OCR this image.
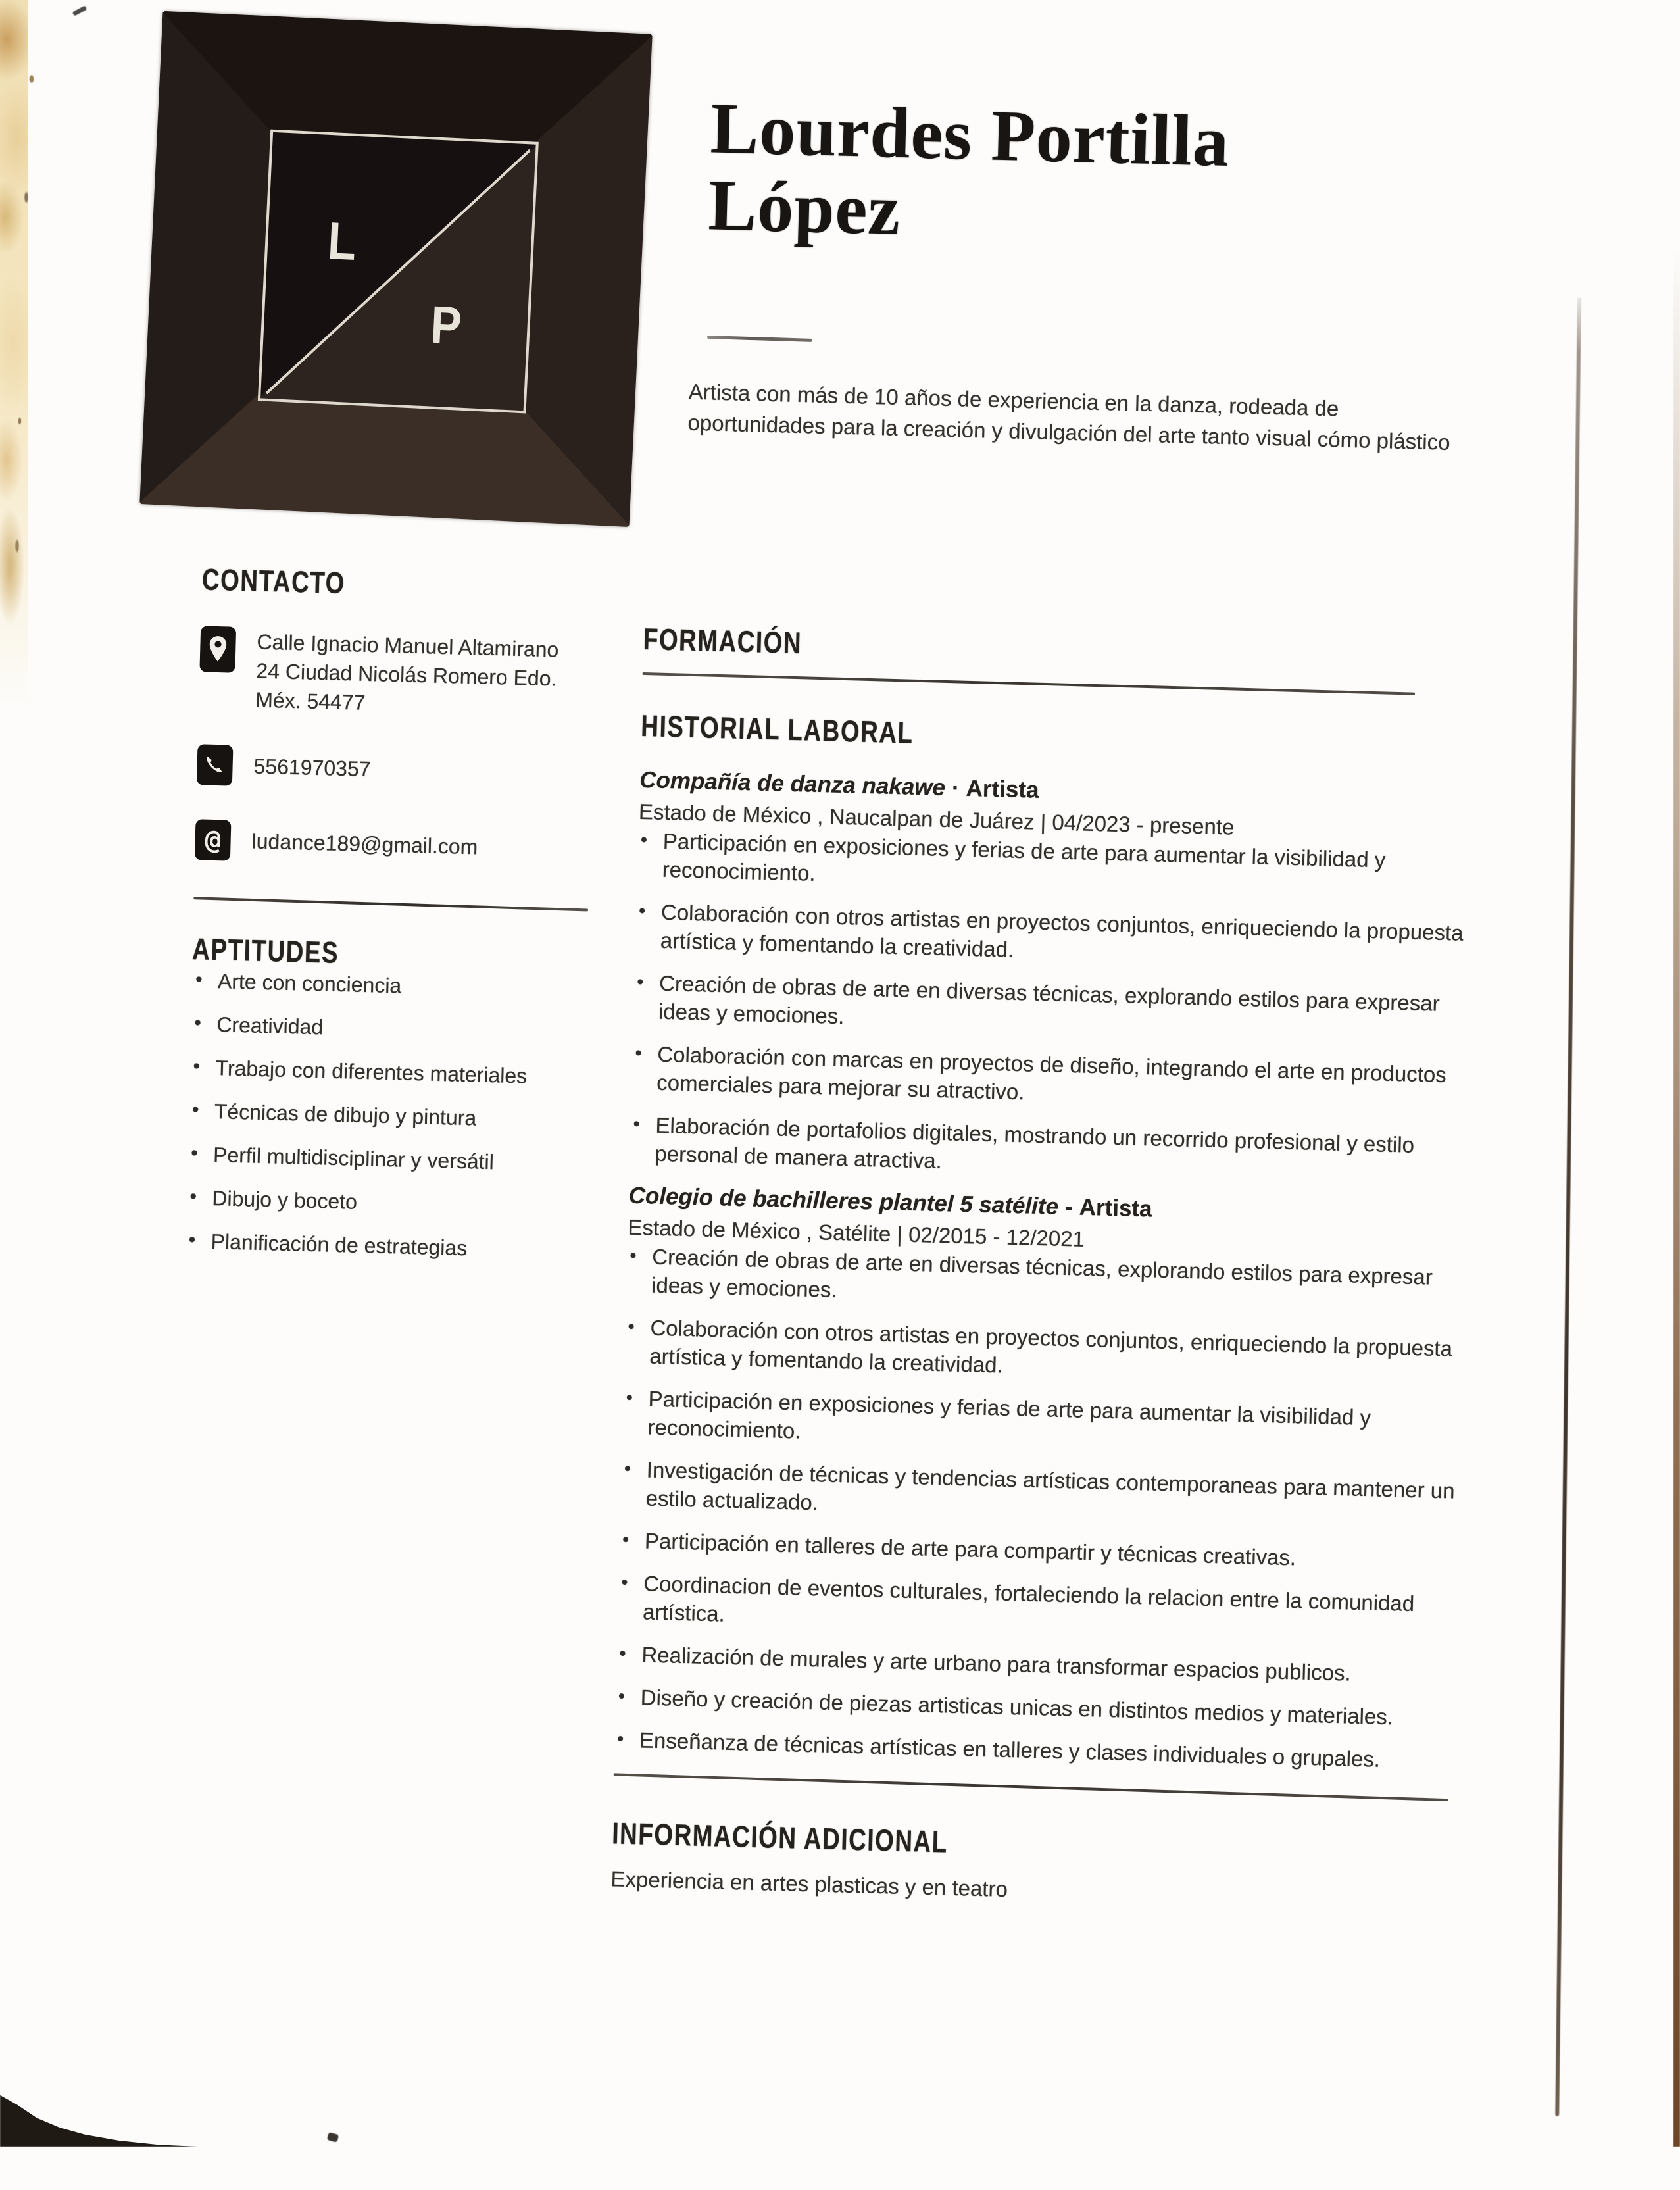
L
P
Lourdes Portilla
López
Artista con más de 10 años de experiencia en la danza, rodeada de oportunidades para la creación y divulgación del arte tanto visual cómo plástico
CONTACTO
Calle Ignacio Manuel Altamirano 24 Ciudad Nicolás Romero Edo. Méx. 54477
5561970357
@ ludance189@gmail.com
APTITUDES
• Arte con conciencia
• Creatividad
• Trabajo con diferentes materiales
• Técnicas de dibujo y pintura
• Perfil multidisciplinar y versátil
• Dibujo y boceto
• Planificación de estrategias
FORMACIÓN
HISTORIAL LABORAL
Compañía de danza nakawe · Artista
Estado de México , Naucalpan de Juárez | 04/2023 - presente
• Participación en exposiciones y ferias de arte para aumentar la visibilidad y reconocimiento.
• Colaboración con otros artistas en proyectos conjuntos, enriqueciendo la propuesta artística y fomentando la creatividad.
• Creación de obras de arte en diversas técnicas, explorando estilos para expresar ideas y emociones.
• Colaboración con marcas en proyectos de diseño, integrando el arte en productos comerciales para mejorar su atractivo.
• Elaboración de portafolios digitales, mostrando un recorrido profesional y estilo personal de manera atractiva.
Colegio de bachilleres plantel 5 satélite - Artista
Estado de México , Satélite | 02/2015 - 12/2021
• Creación de obras de arte en diversas técnicas, explorando estilos para expresar ideas y emociones.
• Colaboración con otros artistas en proyectos conjuntos, enriqueciendo la propuesta artística y fomentando la creatividad.
• Participación en exposiciones y ferias de arte para aumentar la visibilidad y reconocimiento.
• Investigación de técnicas y tendencias artísticas contemporaneas para mantener un estilo actualizado.
• Participación en talleres de arte para compartir y técnicas creativas.
• Coordinacion de eventos culturales, fortaleciendo la relacion entre la comunidad artística.
• Realización de murales y arte urbano para transformar espacios publicos.
• Diseño y creación de piezas artisticas unicas en distintos medios y materiales.
• Enseñanza de técnicas artísticas en talleres y clases individuales o grupales.
INFORMACIÓN ADICIONAL
Experiencia en artes plasticas y en teatro
